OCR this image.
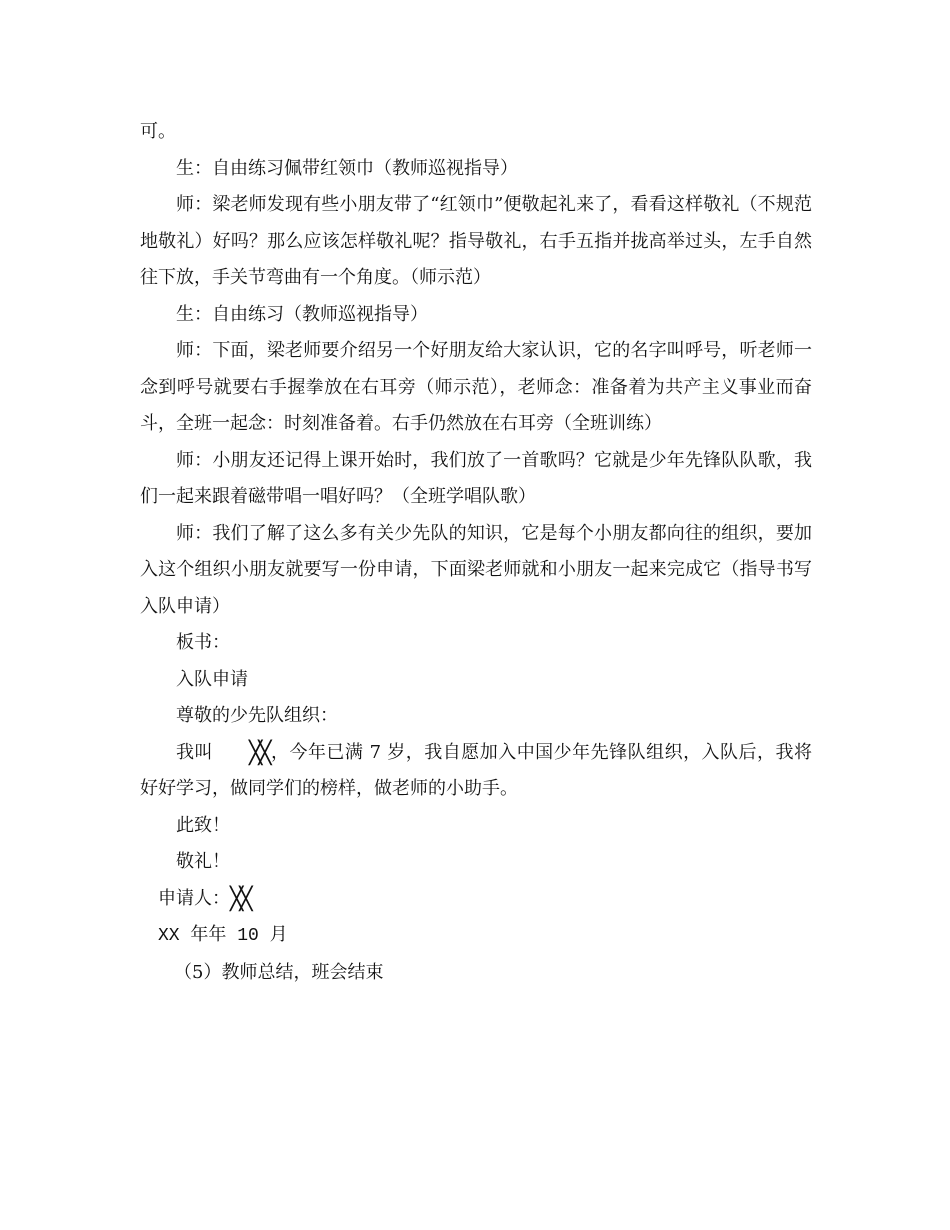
可。

生：自由练习佩带红领巾（教师巡视指导）

师：梁老师发现有些小朋友带了“红领巾”便敬起礼来了，看看这样敬礼（不规范地敬礼）好吗？那么应该怎样敬礼呢？指导敬礼，右手五指并拢高举过头，左手自然往下放，手关节弯曲有一个角度。（师示范）

生：自由练习（教师巡视指导）

师：下面，梁老师要介绍另一个好朋友给大家认识，它的名字叫呼号，听老师一念到呼号就要右手握拳放在右耳旁（师示范），老师念：准备着为共产主义事业而奋斗，全班一起念：时刻准备着。右手仍然放在右耳旁（全班训练）

师：小朋友还记得上课开始时，我们放了一首歌吗？它就是少年先锋队队歌，我们一起来跟着磁带唱一唱好吗？（全班学唱队歌）

师：我们了解了这么多有关少先队的知识，它是每个小朋友都向往的组织，要加入这个组织小朋友就要写一份申请，下面梁老师就和小朋友一起来完成它（指导书写入队申请）

板书：

入队申请

尊敬的少先队组织：

我叫 ╳╳ ，今年已满 7 岁，我自愿加入中国少年先锋队组织，入队后，我将好好学习，做同学们的榜样，做老师的小助手。

此致！

敬礼！

申请人：╳╳

XX 年年 10 月

（5）教师总结，班会结束
